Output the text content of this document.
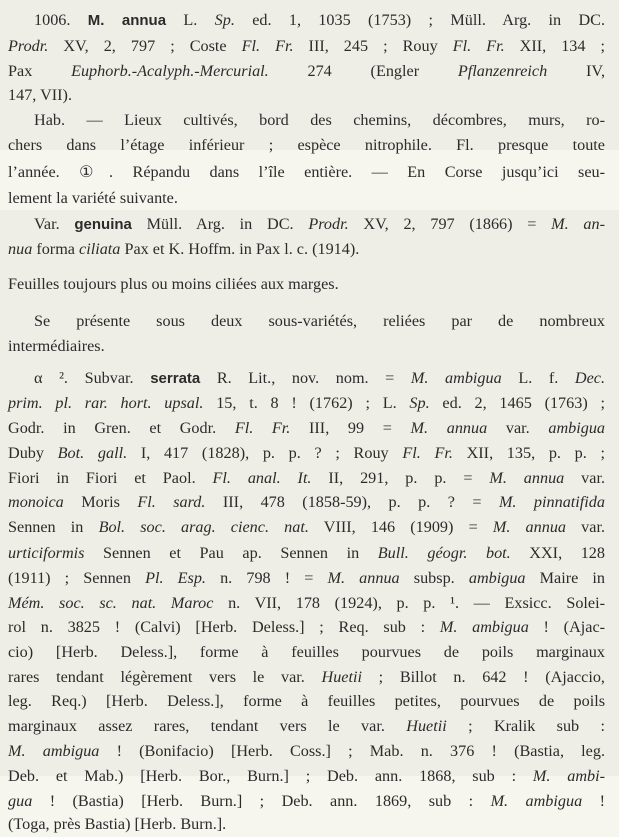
1006. M. annua L. Sp. ed. 1, 1035 (1753) ; Müll. Arg. in DC.
Prodr. XV, 2, 797 ; Coste Fl. Fr. III, 245 ; Rouy Fl. Fr. XII, 134 ;
Pax Euphorb.-Acalyph.-Mercurial. 274 (Engler Pflanzenreich IV,
147, VII).
Hab. — Lieux cultivés, bord des chemins, décombres, murs, ro-
chers dans l’étage inférieur ; espèce nitrophile. Fl. presque toute
l’année. ①. Répandu dans l’île entière. — En Corse jusqu’ici seu-
lement la variété suivante.
Var. genuina Müll. Arg. in DC. Prodr. XV, 2, 797 (1866) = M. an-
nua forma ciliata Pax et K. Hoffm. in Pax l. c. (1914).
Feuilles toujours plus ou moins ciliées aux marges.
Se présente sous deux sous-variétés, reliées par de nombreux
intermédiaires.
α ². Subvar. serrata R. Lit., nov. nom. = M. ambigua L. f. Dec.
prim. pl. rar. hort. upsal. 15, t. 8 ! (1762) ; L. Sp. ed. 2, 1465 (1763) ;
Godr. in Gren. et Godr. Fl. Fr. III, 99 = M. annua var. ambigua
Duby Bot. gall. I, 417 (1828), p. p. ? ; Rouy Fl. Fr. XII, 135, p. p. ;
Fiori in Fiori et Paol. Fl. anal. It. II, 291, p. p. = M. annua var.
monoica Moris Fl. sard. III, 478 (1858-59), p. p. ? = M. pinnatifida
Sennen in Bol. soc. arag. cienc. nat. VIII, 146 (1909) = M. annua var.
urticiformis Sennen et Pau ap. Sennen in Bull. géogr. bot. XXI, 128
(1911) ; Sennen Pl. Esp. n. 798 ! = M. annua subsp. ambigua Maire in
Mém. soc. sc. nat. Maroc n. VII, 178 (1924), p. p. ¹. — Exsicc. Solei-
rol n. 3825 ! (Calvi) [Herb. Deless.] ; Req. sub : M. ambigua ! (Ajac-
cio) [Herb. Deless.], forme à feuilles pourvues de poils marginaux
rares tendant légèrement vers le var. Huetii ; Billot n. 642 ! (Ajaccio,
leg. Req.) [Herb. Deless.], forme à feuilles petites, pourvues de poils
marginaux assez rares, tendant vers le var. Huetii ; Kralik sub :
M. ambigua ! (Bonifacio) [Herb. Coss.] ; Mab. n. 376 ! (Bastia, leg.
Deb. et Mab.) [Herb. Bor., Burn.] ; Deb. ann. 1868, sub : M. ambi-
gua ! (Bastia) [Herb. Burn.] ; Deb. ann. 1869, sub : M. ambigua !
(Toga, près Bastia) [Herb. Burn.].
